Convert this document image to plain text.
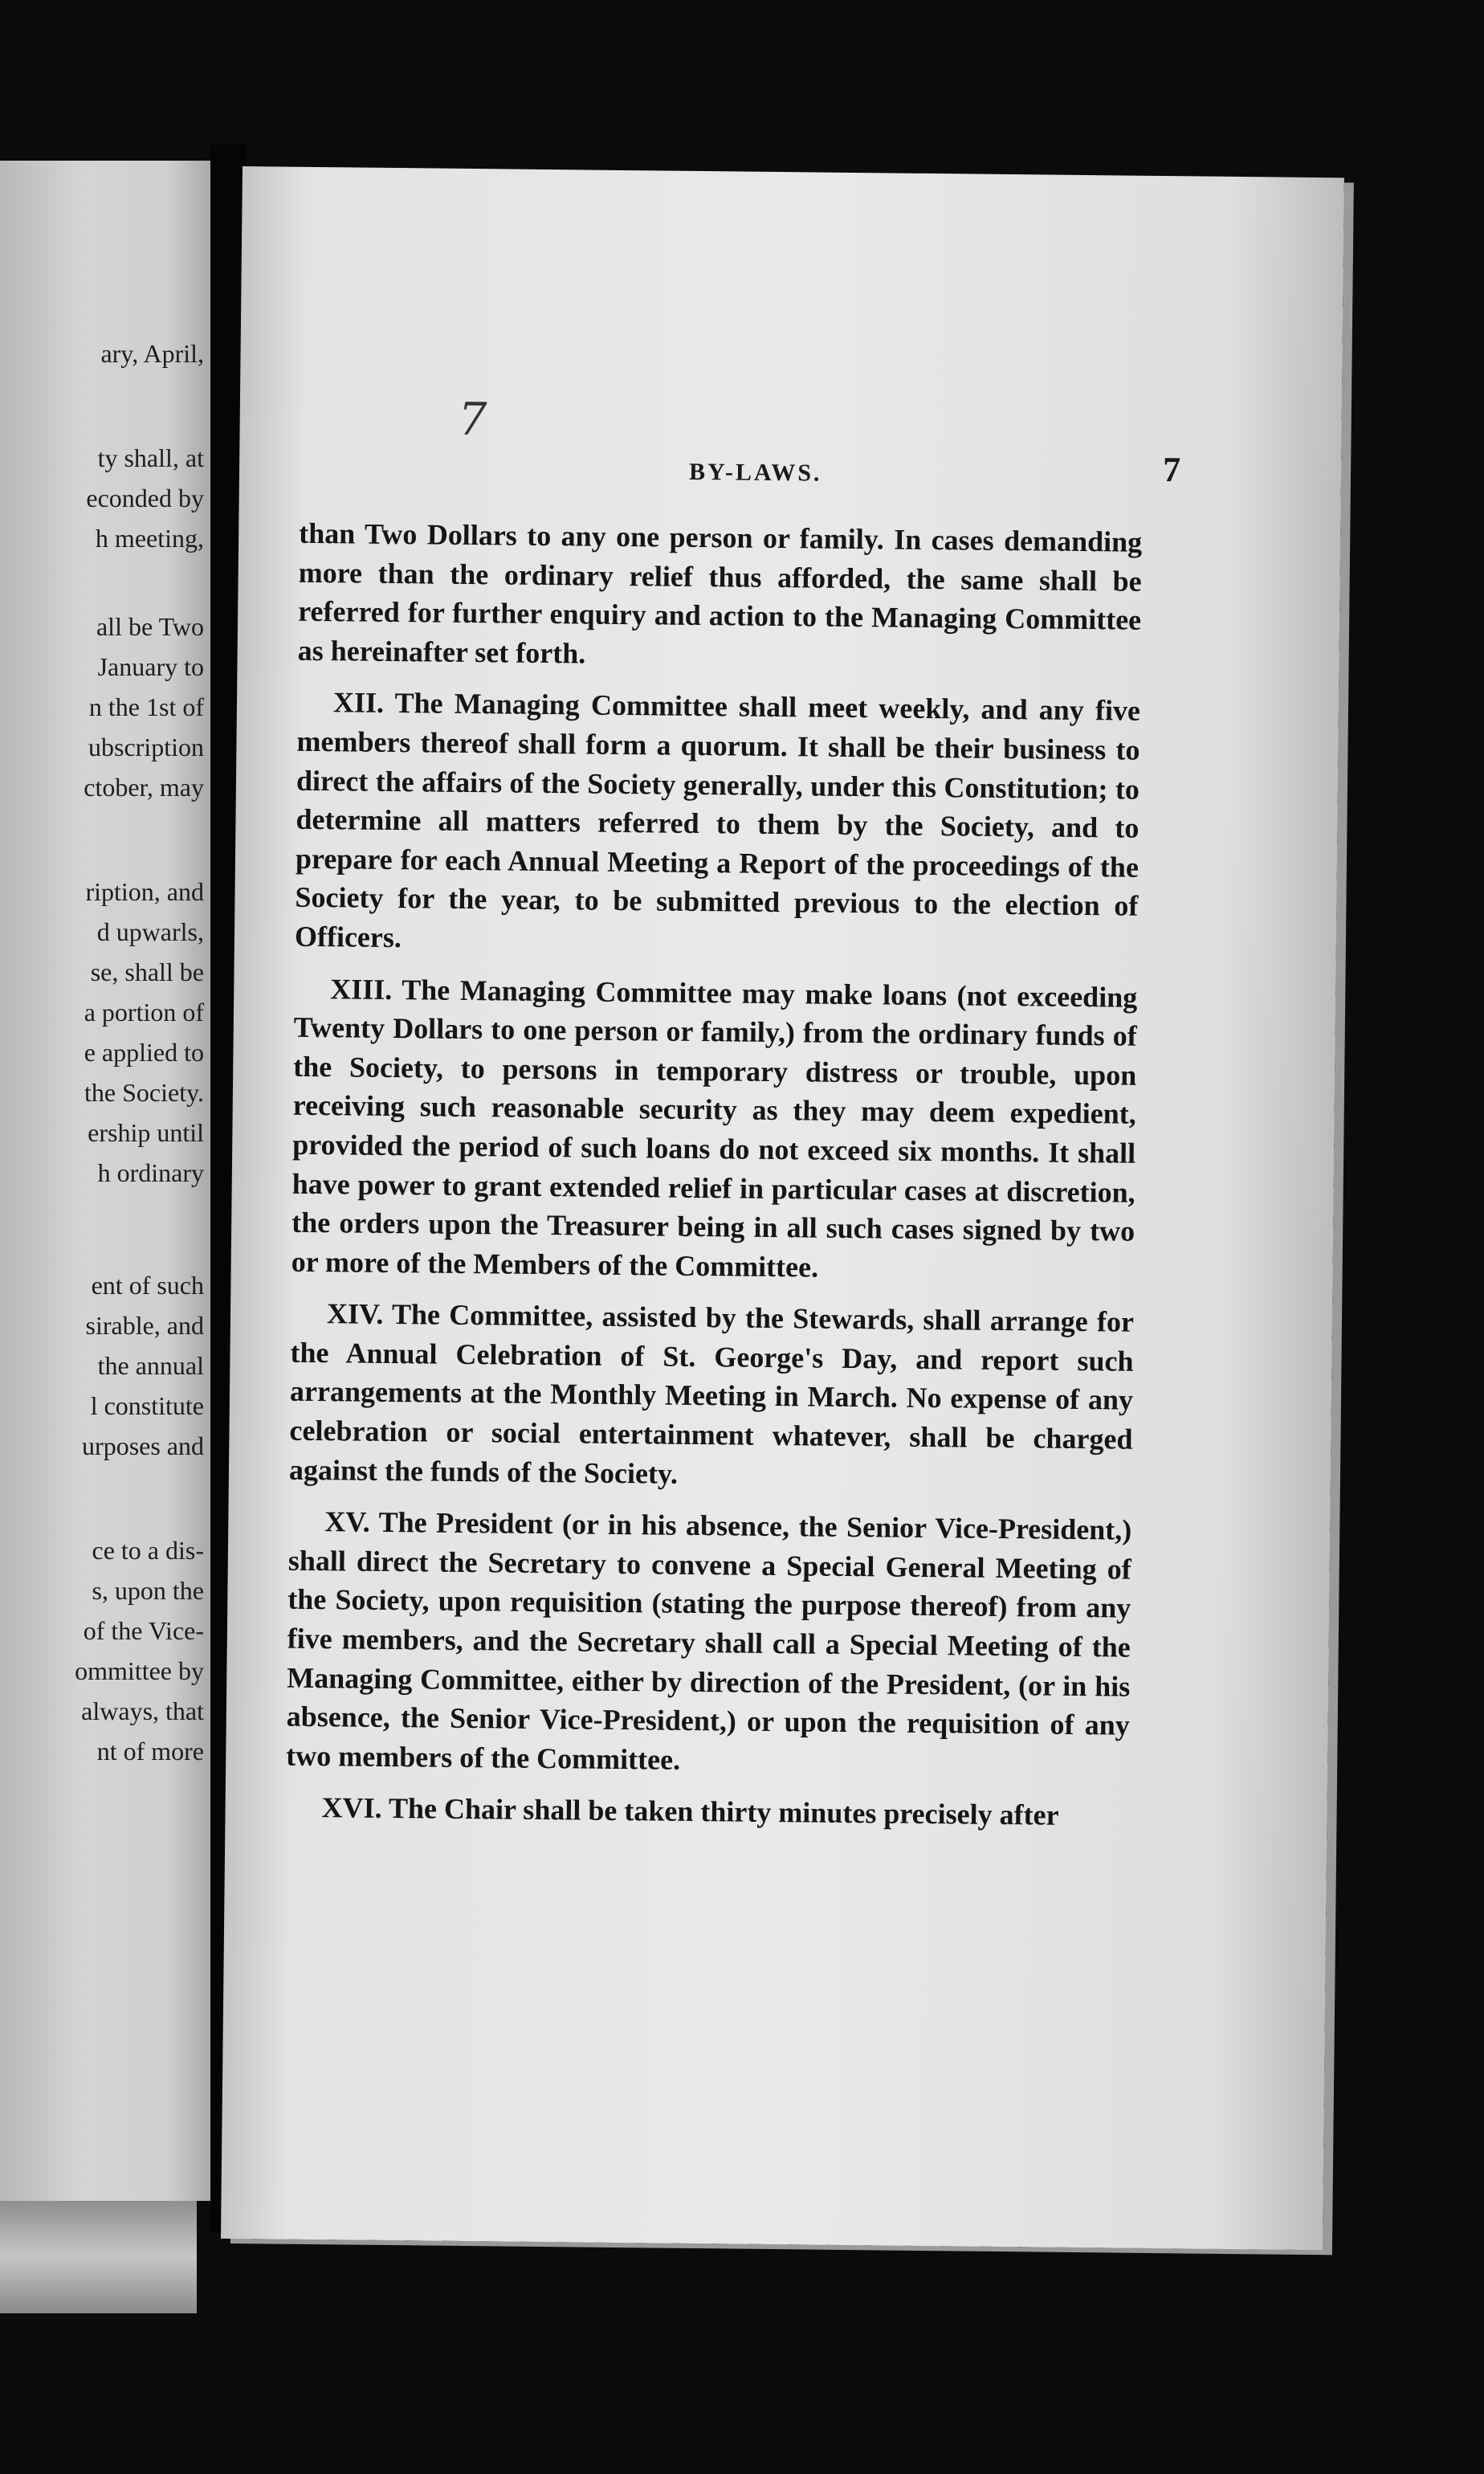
ary, April,
ty shall, at
econded by
h meeting,
all be Two
January to
n the 1st of
ubscription
ctober, may
ription, and
d upwarls,
se, shall be
a portion of
e applied to
the Society.
ership until
h ordinary
ent of such
sirable, and
the annual
l constitute
urposes and
ce to a dis-
s, upon the
of the Vice-
ommittee by
always, that
nt of more
7
BY-LAWS.	7

than Two Dollars to any one person or family. In cases demanding more than the ordinary relief thus afforded, the same shall be referred for further enquiry and action to the Managing Committee as hereinafter set forth.

XII. The Managing Committee shall meet weekly, and any five members thereof shall form a quorum. It shall be their business to direct the affairs of the Society generally, under this Constitution; to determine all matters referred to them by the Society, and to prepare for each Annual Meeting a Report of the proceedings of the Society for the year, to be submitted previous to the election of Officers.

XIII. The Managing Committee may make loans (not exceeding Twenty Dollars to one person or family,) from the ordinary funds of the Society, to persons in temporary distress or trouble, upon receiving such reasonable security as they may deem expedient, provided the period of such loans do not exceed six months. It shall have power to grant extended relief in particular cases at discretion, the orders upon the Treasurer being in all such cases signed by two or more of the Members of the Committee.

XIV. The Committee, assisted by the Stewards, shall arrange for the Annual Celebration of St. George's Day, and report such arrangements at the Monthly Meeting in March. No expense of any celebration or social entertainment whatever, shall be charged against the funds of the Society.

XV. The President (or in his absence, the Senior Vice-President,) shall direct the Secretary to convene a Special General Meeting of the Society, upon requisition (stating the purpose thereof) from any five members, and the Secretary shall call a Special Meeting of the Managing Committee, either by direction of the President, (or in his absence, the Senior Vice-President,) or upon the requisition of any two members of the Committee.

XVI. The Chair shall be taken thirty minutes precisely after
